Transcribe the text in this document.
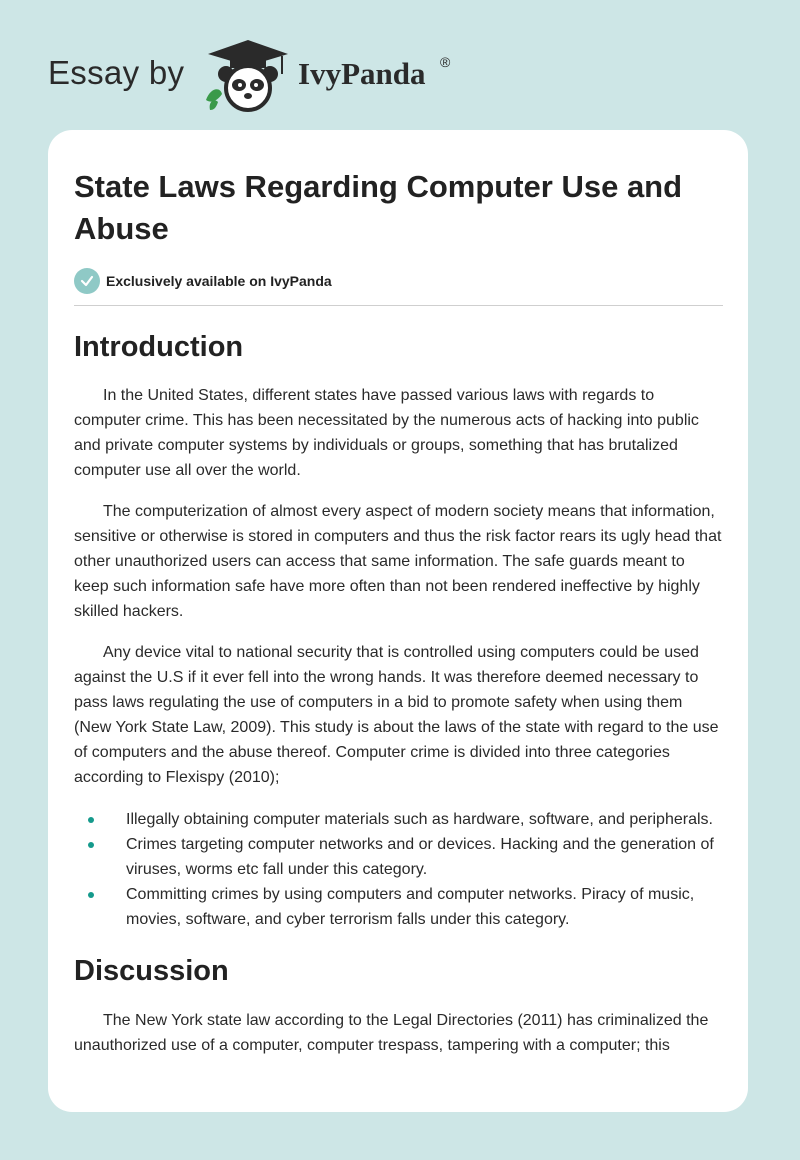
Essay by	IvyPanda ®
State Laws Regarding Computer Use and Abuse
Exclusively available on IvyPanda
Introduction

In the United States, different states have passed various laws with regards to computer crime. This has been necessitated by the numerous acts of hacking into public and private computer systems by individuals or groups, something that has brutalized computer use all over the world.

The computerization of almost every aspect of modern society means that information, sensitive or otherwise is stored in computers and thus the risk factor rears its ugly head that other unauthorized users can access that same information. The safe guards meant to keep such information safe have more often than not been rendered ineffective by highly skilled hackers.

Any device vital to national security that is controlled using computers could be used against the U.S if it ever fell into the wrong hands. It was therefore deemed necessary to pass laws regulating the use of computers in a bid to promote safety when using them (New York State Law, 2009). This study is about the laws of the state with regard to the use of computers and the abuse thereof. Computer crime is divided into three categories according to Flexispy (2010);

Illegally obtaining computer materials such as hardware, software, and peripherals.
Crimes targeting computer networks and or devices. Hacking and the generation of viruses, worms etc fall under this category.
Committing crimes by using computers and computer networks. Piracy of music, movies, software, and cyber terrorism falls under this category.
Discussion

The New York state law according to the Legal Directories (2011) has criminalized the unauthorized use of a computer, computer trespass, tampering with a computer; this
